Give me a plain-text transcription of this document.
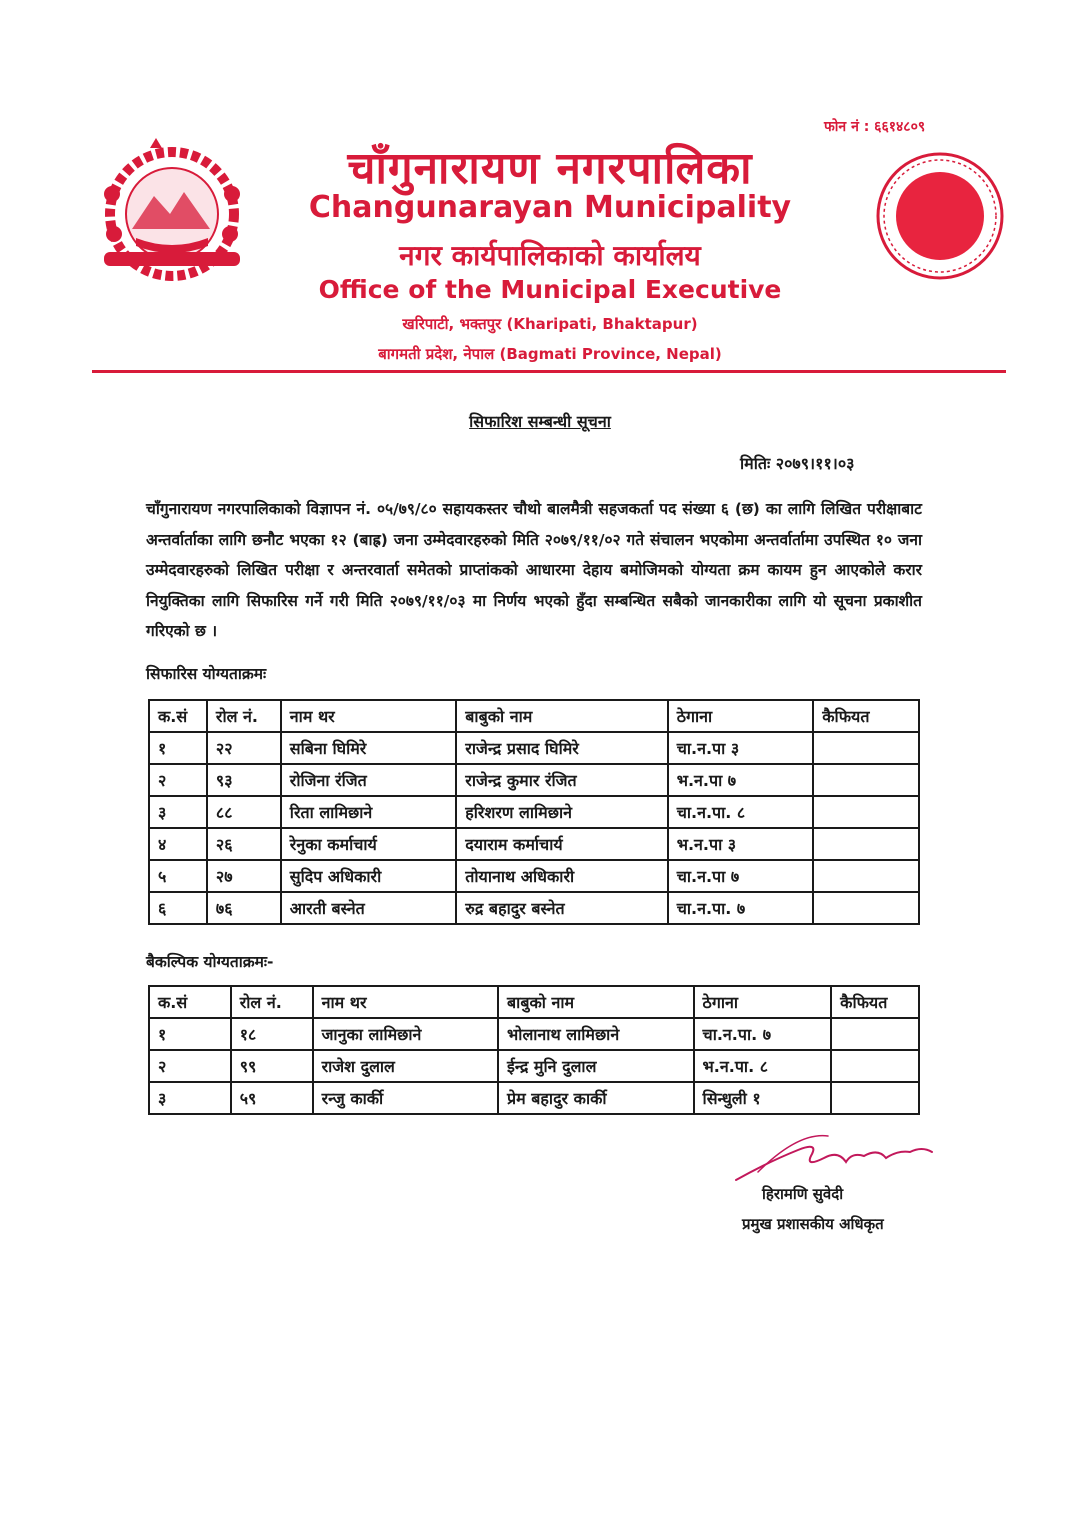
फोन नं : ६६१४८०९
चाँगुनारायण नगरपालिका
Changunarayan Municipality
नगर कार्यपालिकाको कार्यालय
Office of the Municipal Executive
खरिपाटी, भक्तपुर (Kharipati, Bhaktapur)
बागमती प्रदेश, नेपाल (Bagmati Province, Nepal)
सिफारिश सम्बन्धी सूचना
मितिः २०७९।११।०३
चाँगुनारायण नगरपालिकाको विज्ञापन नं. ०५/७९/८० सहायकस्तर चौथो बालमैत्री सहजकर्ता पद संख्या ६ (छ) का लागि लिखित परीक्षाबाट अन्तर्वार्ताका लागि छनौट भएका १२ (बाह्र) जना उम्मेदवारहरुको मिति २०७९/११/०२ गते संचालन भएकोमा अन्तर्वार्तामा उपस्थित १० जना उम्मेदवारहरुको लिखित परीक्षा र अन्तरवार्ता समेतको प्राप्तांकको आधारमा देहाय बमोजिमको योग्यता क्रम कायम हुन आएकोले करार नियुक्तिका लागि सिफारिस गर्ने गरी मिति २०७९/११/०३ मा निर्णय भएको हुँदा सम्बन्धित सबैको जानकारीका लागि यो सूचना प्रकाशीत गरिएको छ ।
सिफारिस योग्यताक्रमः
क.सं	रोल नं.	नाम थर	बाबुको नाम	ठेगाना	कैफियत
१	२२	सबिना घिमिरे	राजेन्द्र प्रसाद घिमिरे	चा.न.पा ३	
२	९३	रोजिना रंजित	राजेन्द्र कुमार रंजित	भ.न.पा ७	
३	८८	रिता लामिछाने	हरिशरण लामिछाने	चा.न.पा. ८	
४	२६	रेनुका कर्माचार्य	दयाराम कर्माचार्य	भ.न.पा ३	
५	२७	सुदिप अधिकारी	तोयानाथ अधिकारी	चा.न.पा ७	
६	७६	आरती बस्नेत	रुद्र बहादुर बस्नेत	चा.न.पा. ७	
बैकल्पिक योग्यताक्रमः-
क.सं	रोल नं.	नाम थर	बाबुको नाम	ठेगाना	कैफियत
१	१८	जानुका लामिछाने	भोलानाथ लामिछाने	चा.न.पा. ७	
२	९९	राजेश दुलाल	ईन्द्र मुनि दुलाल	भ.न.पा. ८	
३	५९	रन्जु कार्की	प्रेम बहादुर कार्की	सिन्धुली १	
हिरामणि सुवेदी
प्रमुख प्रशासकीय अधिकृत
